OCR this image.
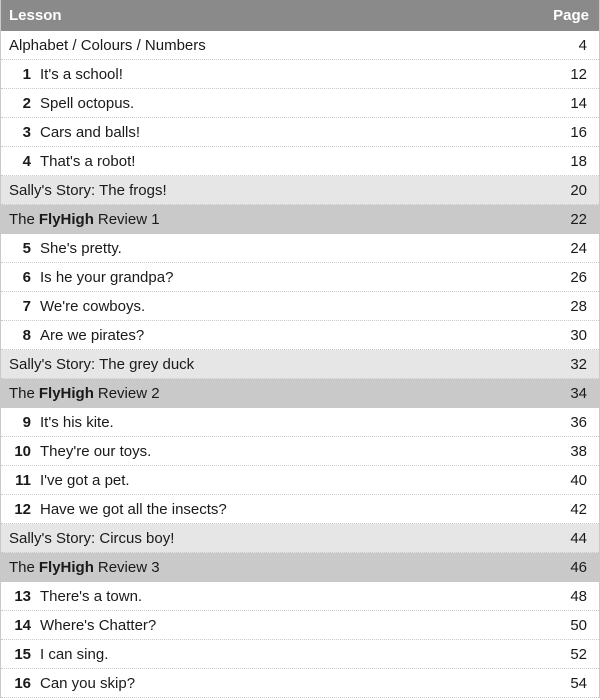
Lesson	Page
Alphabet / Colours / Numbers	4
1 It's a school!	12
2 Spell octopus.	14
3 Cars and balls!	16
4 That's a robot!	18
Sally's Story: The frogs!	20
The FlyHigh Review 1	22
5 She's pretty.	24
6 Is he your grandpa?	26
7 We're cowboys.	28
8 Are we pirates?	30
Sally's Story: The grey duck	32
The FlyHigh Review 2	34
9 It's his kite.	36
10 They're our toys.	38
11 I've got a pet.	40
12 Have we got all the insects?	42
Sally's Story: Circus boy!	44
The FlyHigh Review 3	46
13 There's a town.	48
14 Where's Chatter?	50
15 I can sing.	52
16 Can you skip?	54
